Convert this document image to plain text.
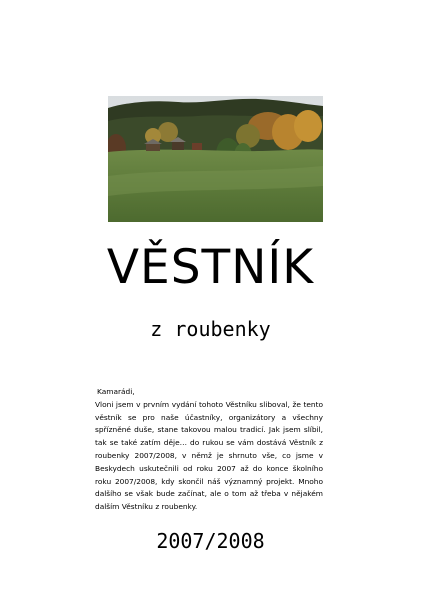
VĚSTNÍK
z roubenky

Kamarádi,

Vloni jsem v prvním vydání tohoto Věstníku sliboval, že tento věstník se pro naše účastníky, organizátory a všechny spřízněné duše, stane takovou malou tradicí. Jak jsem slíbil, tak se také zatím děje… do rukou se vám dostává Věstník z roubenky 2007/2008, v němž je shrnuto vše, co jsme v Beskydech uskutečnili od roku 2007 až do konce školního roku 2007/2008, kdy skončil náš významný projekt. Mnoho dalšího se však bude začínat, ale o tom až třeba v nějakém dalším Věstníku z roubenky.

2007/2008
